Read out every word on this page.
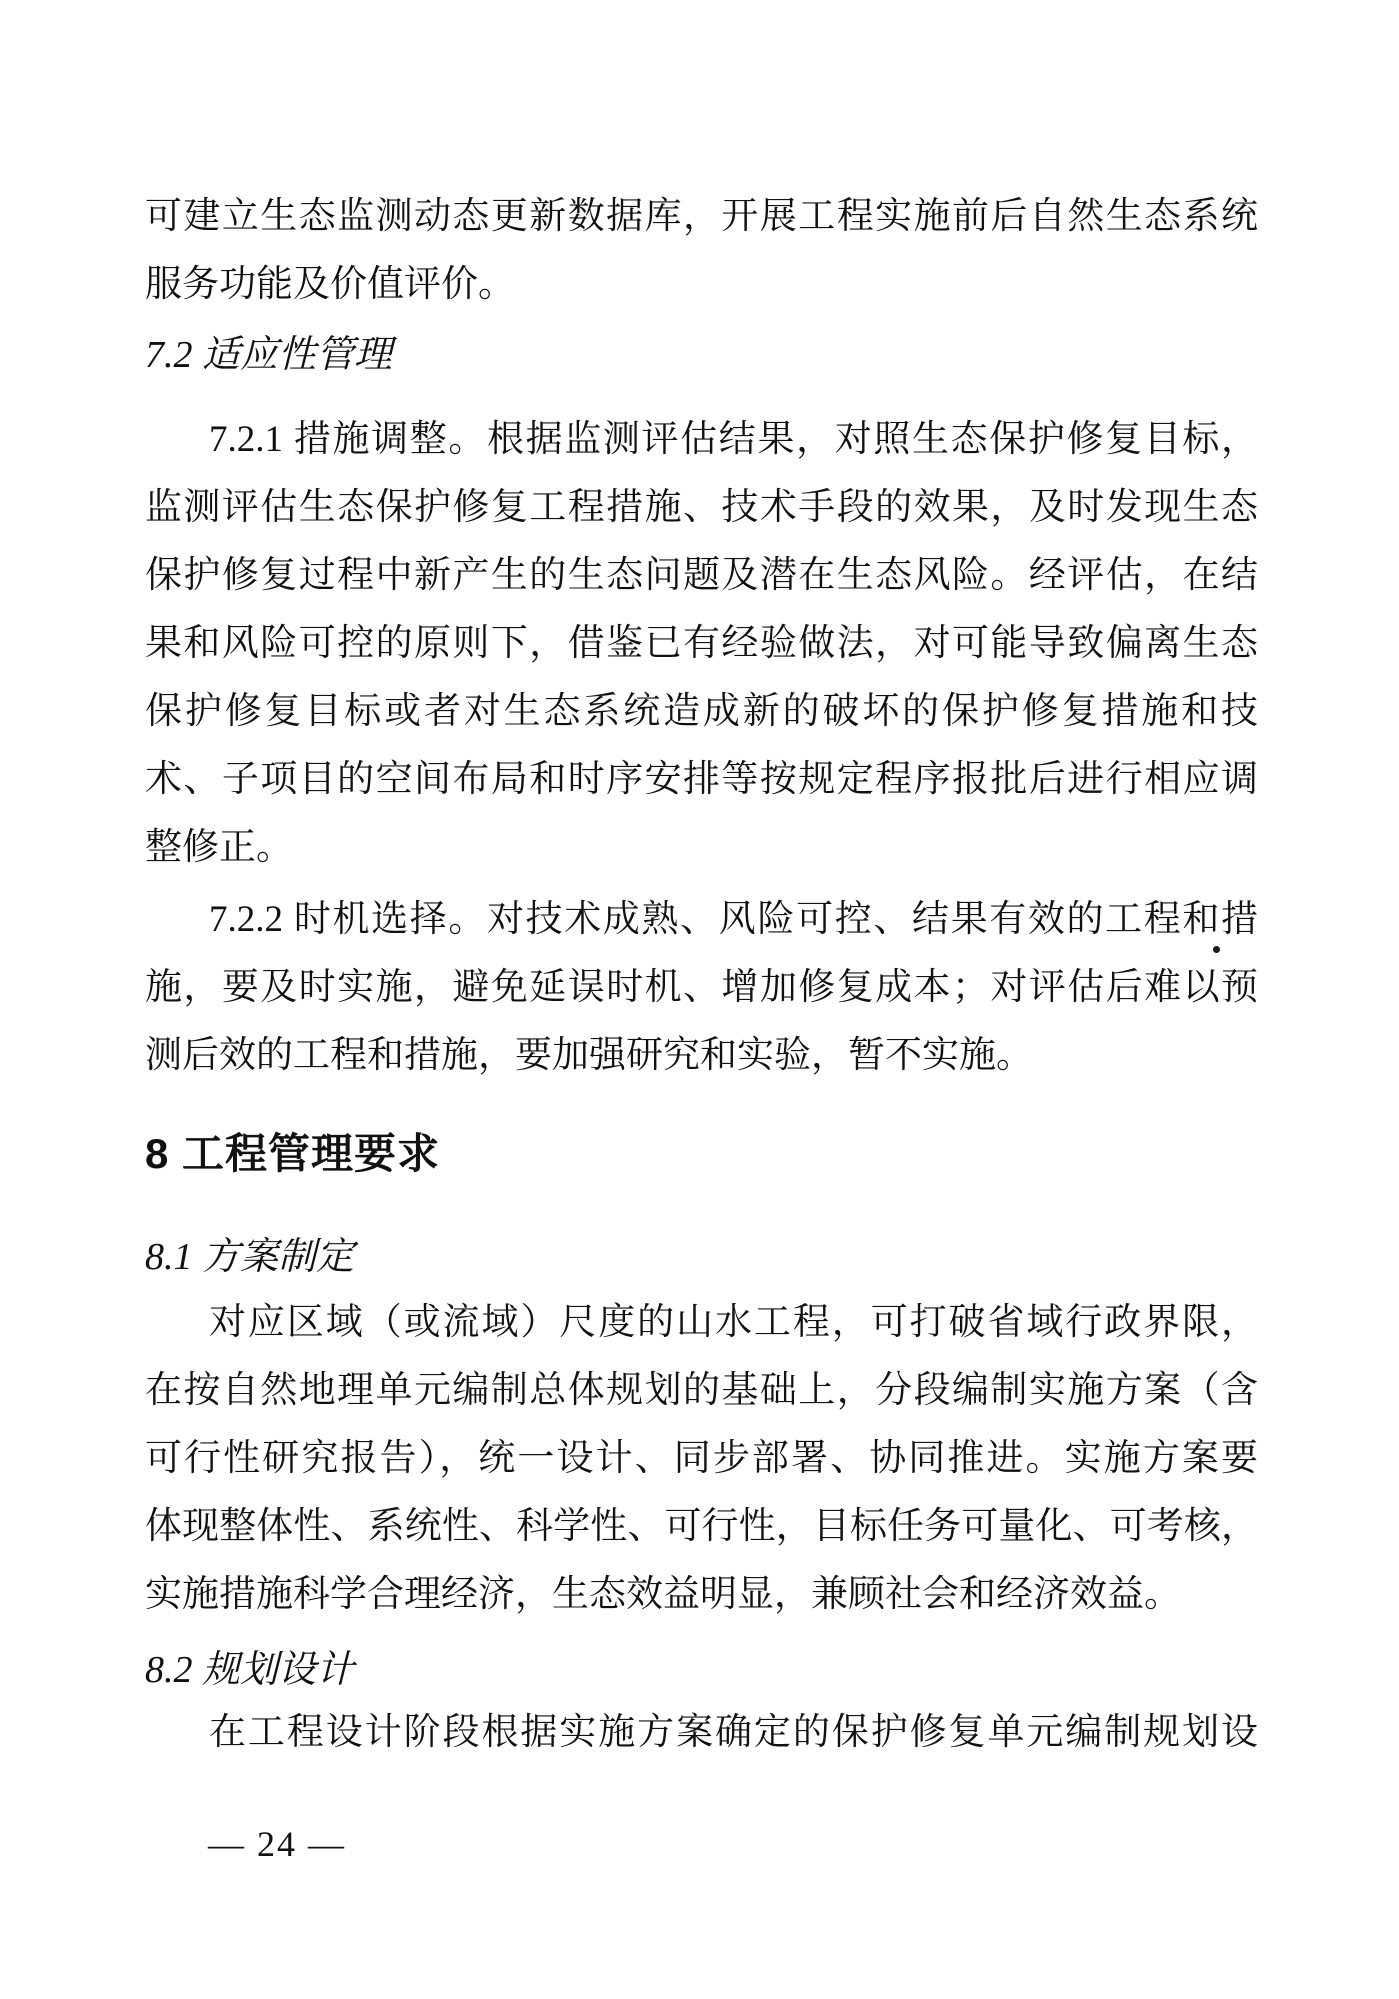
可建立生态监测动态更新数据库，开展工程实施前后自然生态系统
服务功能及价值评价。
7.2 适应性管理
7.2.1 措施调整。根据监测评估结果，对照生态保护修复目标，
监测评估生态保护修复工程措施、技术手段的效果，及时发现生态
保护修复过程中新产生的生态问题及潜在生态风险。经评估，在结
果和风险可控的原则下，借鉴已有经验做法，对可能导致偏离生态
保护修复目标或者对生态系统造成新的破坏的保护修复措施和技
术、子项目的空间布局和时序安排等按规定程序报批后进行相应调
整修正。
7.2.2 时机选择。对技术成熟、风险可控、结果有效的工程和措
施，要及时实施，避免延误时机、增加修复成本；对评估后难以预
测后效的工程和措施，要加强研究和实验，暂不实施。
8 工程管理要求
8.1 方案制定
对应区域（或流域）尺度的山水工程，可打破省域行政界限，
在按自然地理单元编制总体规划的基础上，分段编制实施方案（含
可行性研究报告），统一设计、同步部署、协同推进。实施方案要
体现整体性、系统性、科学性、可行性，目标任务可量化、可考核，
实施措施科学合理经济，生态效益明显，兼顾社会和经济效益。
8.2 规划设计
在工程设计阶段根据实施方案确定的保护修复单元编制规划设
— 24 —
